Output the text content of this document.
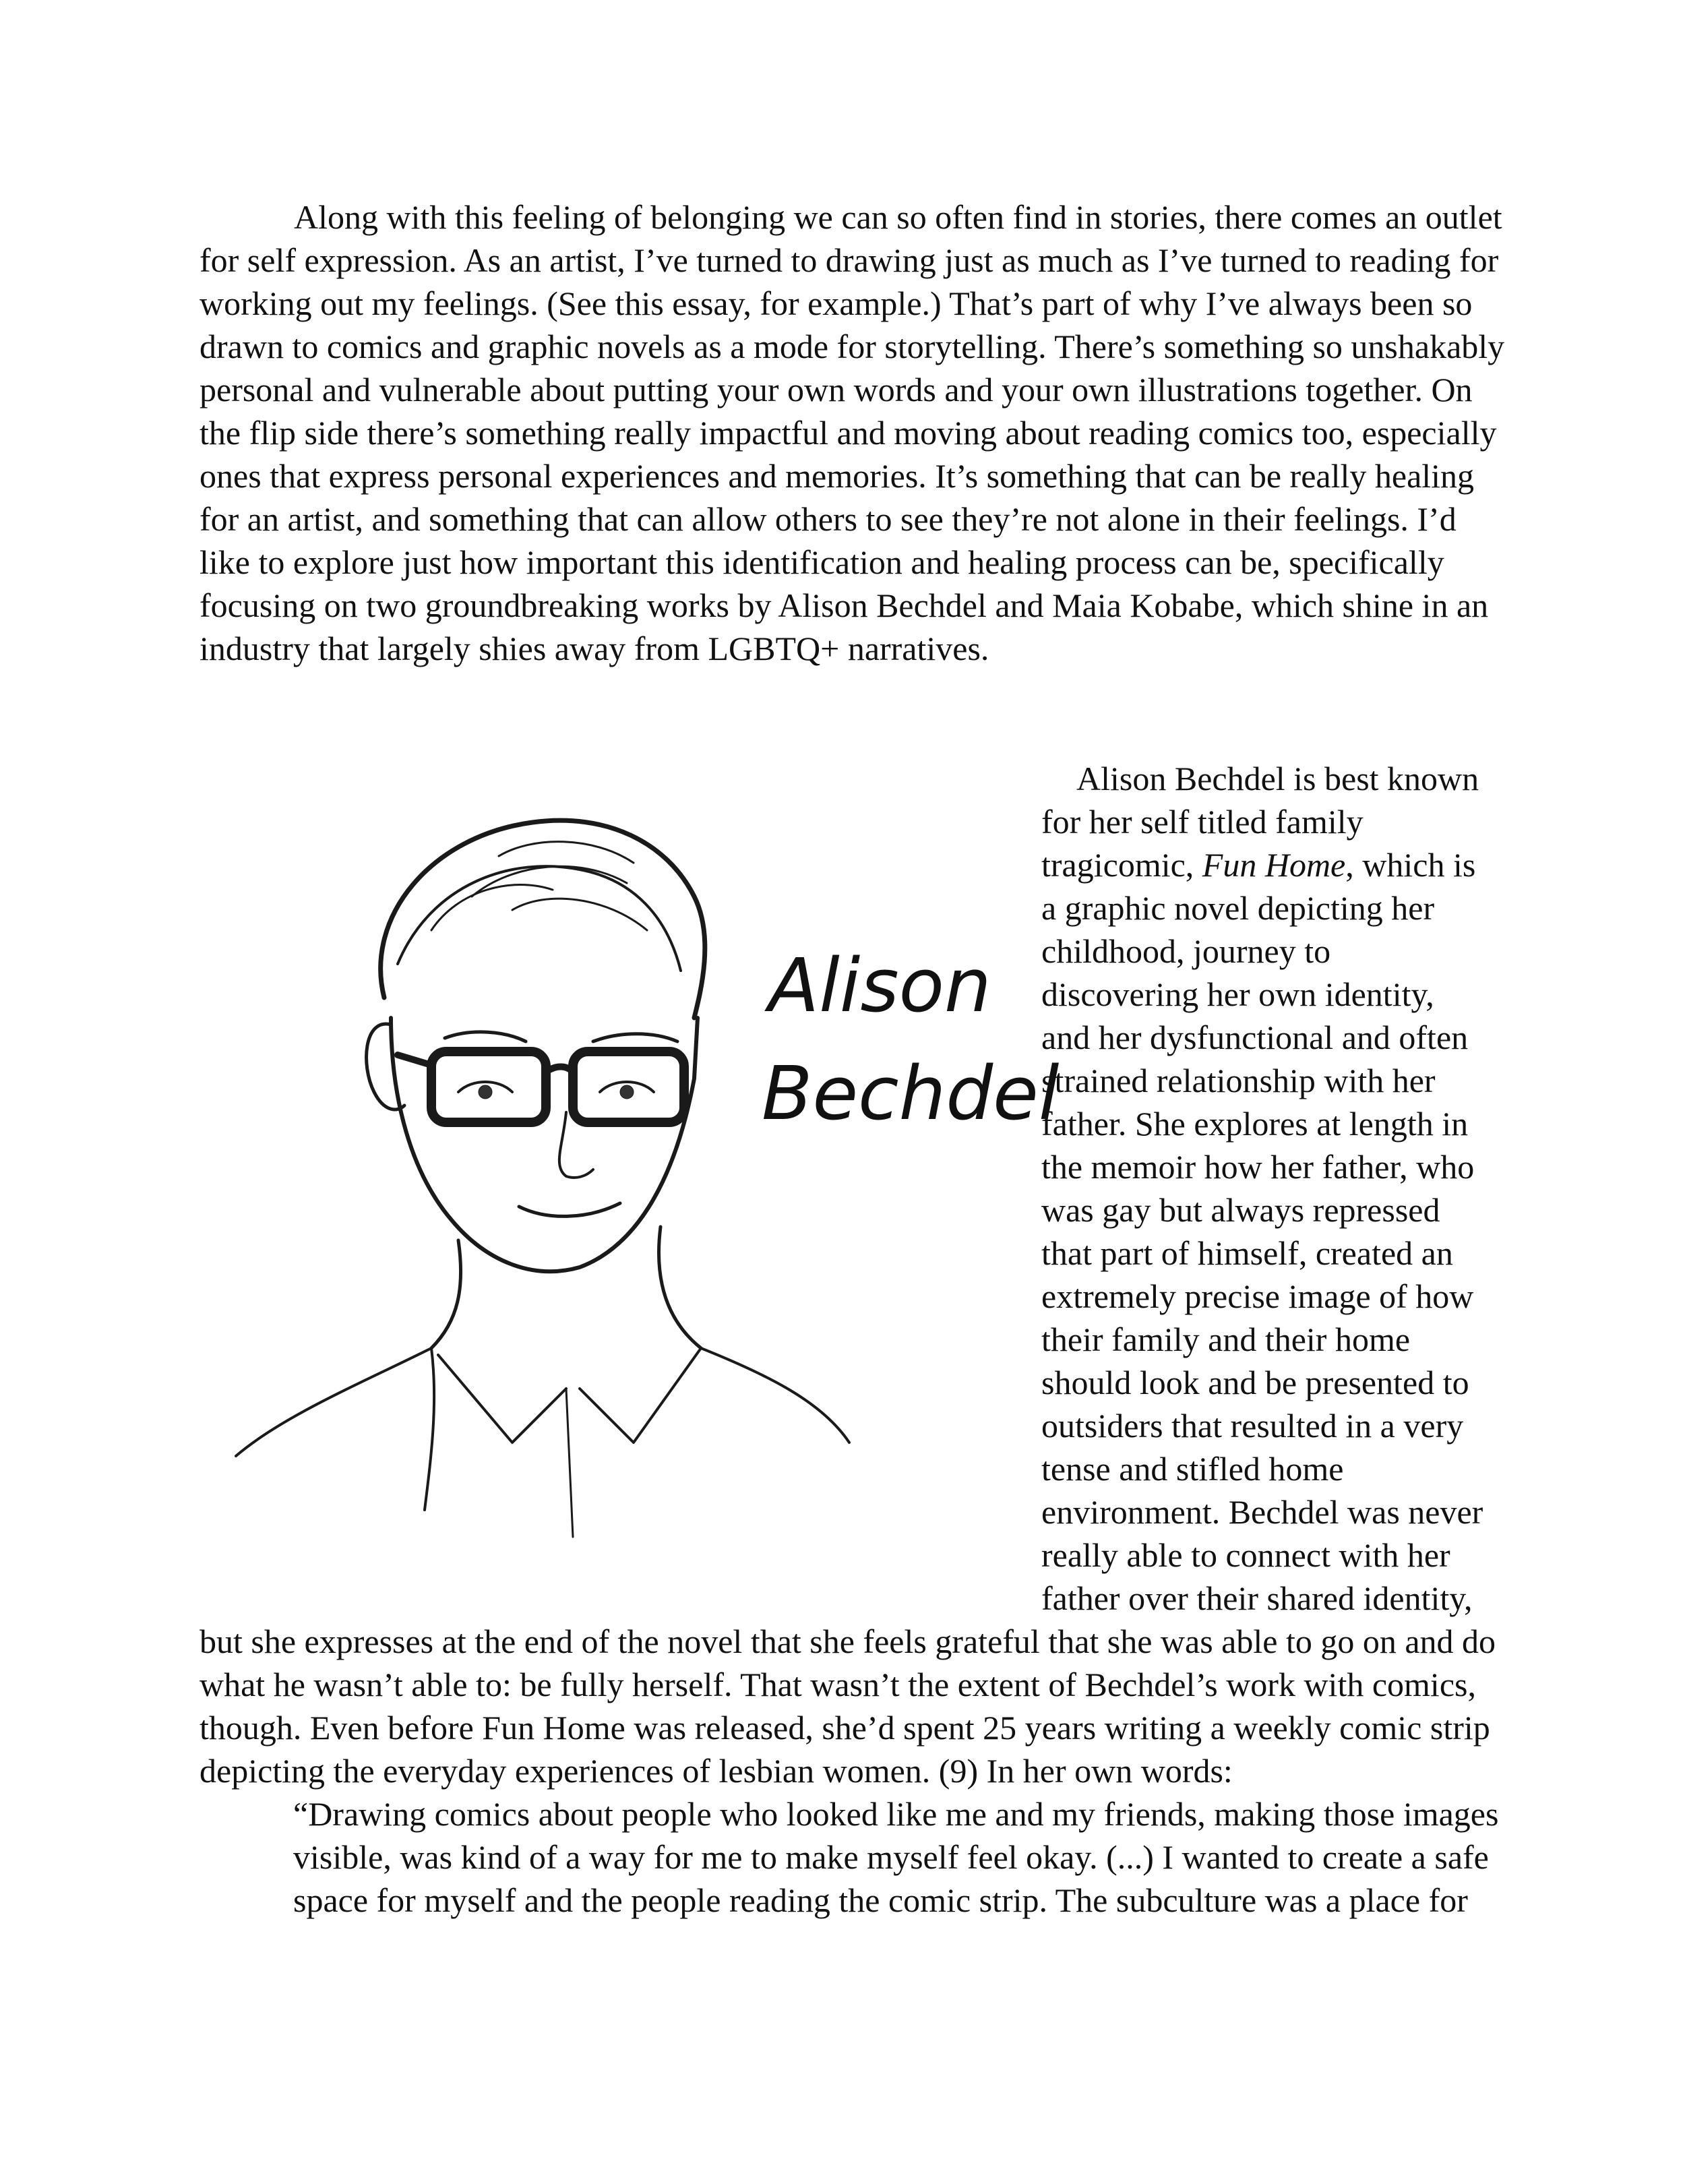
Along with this feeling of belonging we can so often find in stories, there comes an outlet
for self expression. As an artist, I’ve turned to drawing just as much as I’ve turned to reading for
working out my feelings. (See this essay, for example.) That’s part of why I’ve always been so
drawn to comics and graphic novels as a mode for storytelling. There’s something so unshakably
personal and vulnerable about putting your own words and your own illustrations together. On
the flip side there’s something really impactful and moving about reading comics too, especially
ones that express personal experiences and memories. It’s something that can be really healing
for an artist, and something that can allow others to see they’re not alone in their feelings. I’d
like to explore just how important this identification and healing process can be, specifically
focusing on two groundbreaking works by Alison Bechdel and Maia Kobabe, which shine in an
industry that largely shies away from LGBTQ+ narratives.
Alison
Bechdel
Alison Bechdel is best known
for her self titled family
tragicomic, Fun Home, which is
a graphic novel depicting her
childhood, journey to
discovering her own identity,
and her dysfunctional and often
strained relationship with her
father. She explores at length in
the memoir how her father, who
was gay but always repressed
that part of himself, created an
extremely precise image of how
their family and their home
should look and be presented to
outsiders that resulted in a very
tense and stifled home
environment. Bechdel was never
really able to connect with her
father over their shared identity,
but she expresses at the end of the novel that she feels grateful that she was able to go on and do
what he wasn’t able to: be fully herself. That wasn’t the extent of Bechdel’s work with comics,
though. Even before Fun Home was released, she’d spent 25 years writing a weekly comic strip
depicting the everyday experiences of lesbian women. (9) In her own words:
“Drawing comics about people who looked like me and my friends, making those images
visible, was kind of a way for me to make myself feel okay. (...) I wanted to create a safe
space for myself and the people reading the comic strip. The subculture was a place for
